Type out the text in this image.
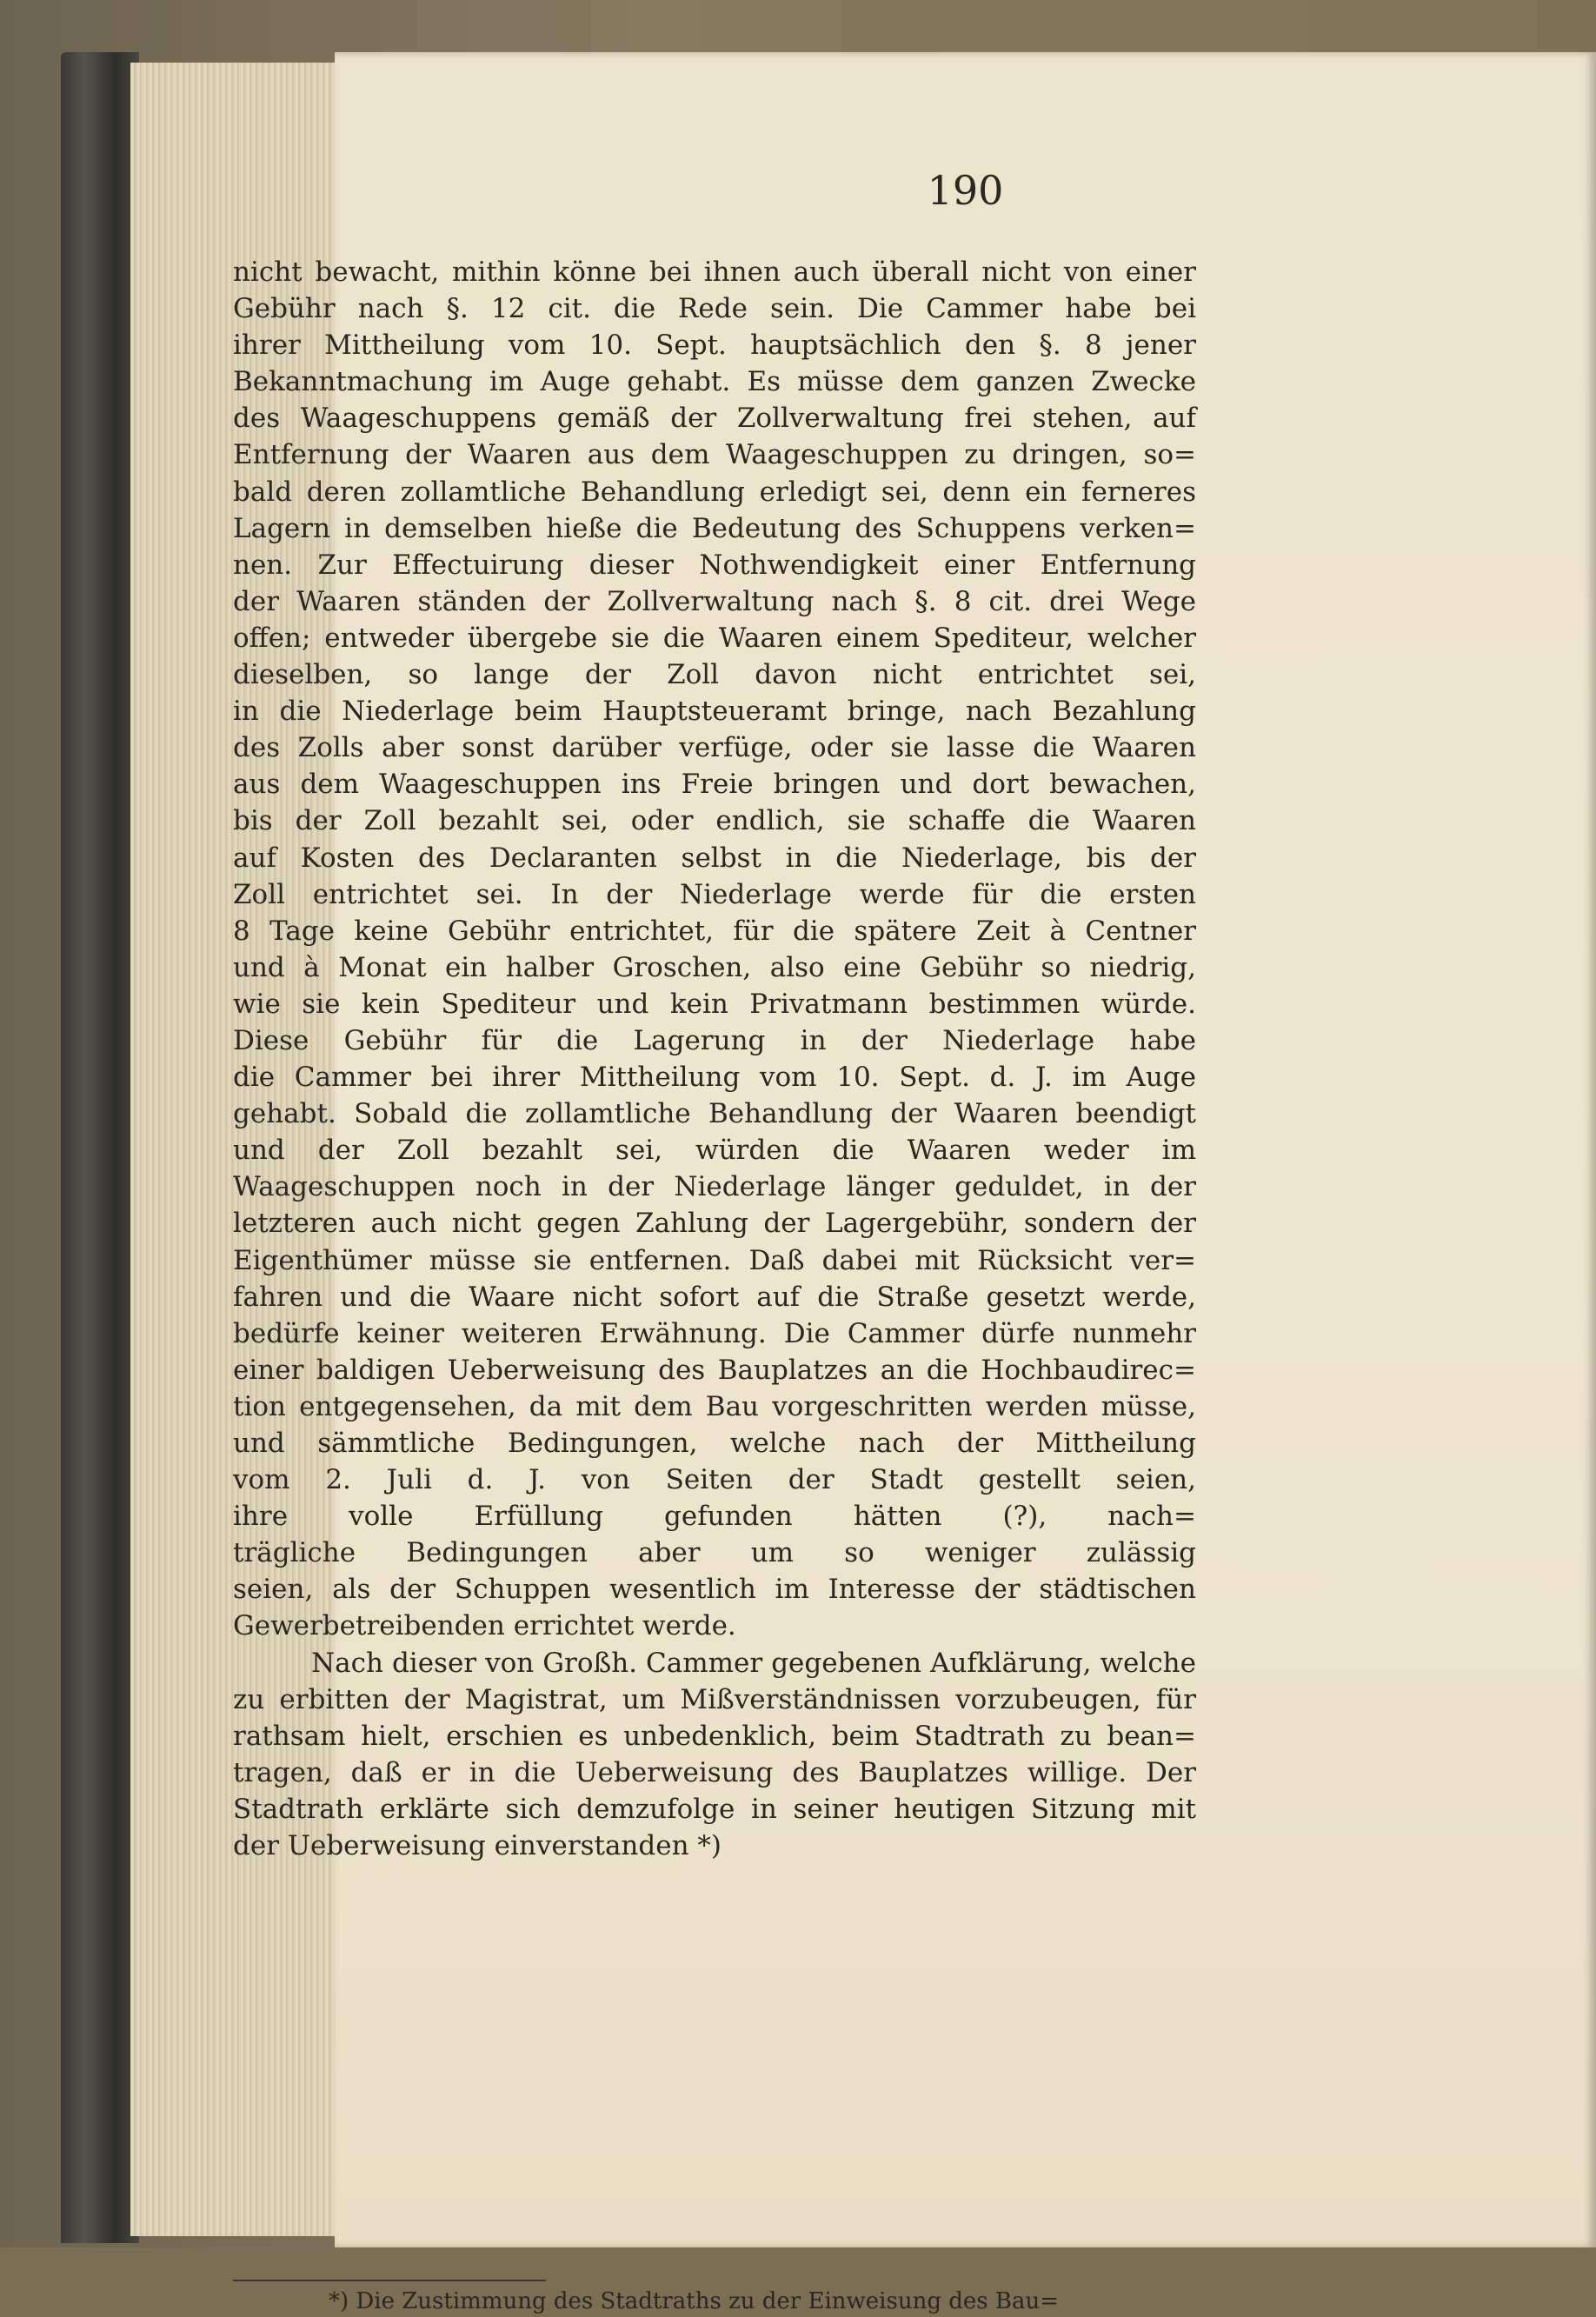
190
nicht bewacht, mithin könne bei ihnen auch überall nicht von einer
Gebühr nach §. 12 cit. die Rede sein. Die Cammer habe bei
ihrer Mittheilung vom 10. Sept. hauptsächlich den §. 8 jener
Bekanntmachung im Auge gehabt. Es müsse dem ganzen Zwecke
des Waageschuppens gemäß der Zollverwaltung frei stehen, auf
Entfernung der Waaren aus dem Waageschuppen zu dringen, so=
bald deren zollamtliche Behandlung erledigt sei, denn ein ferneres
Lagern in demselben hieße die Bedeutung des Schuppens verken=
nen. Zur Effectuirung dieser Nothwendigkeit einer Entfernung
der Waaren ständen der Zollverwaltung nach §. 8 cit. drei Wege
offen; entweder übergebe sie die Waaren einem Spediteur, welcher
dieselben, so lange der Zoll davon nicht entrichtet sei,
in die Niederlage beim Hauptsteueramt bringe, nach Bezahlung
des Zolls aber sonst darüber verfüge, oder sie lasse die Waaren
aus dem Waageschuppen ins Freie bringen und dort bewachen,
bis der Zoll bezahlt sei, oder endlich, sie schaffe die Waaren
auf Kosten des Declaranten selbst in die Niederlage, bis der
Zoll entrichtet sei. In der Niederlage werde für die ersten
8 Tage keine Gebühr entrichtet, für die spätere Zeit à Centner
und à Monat ein halber Groschen, also eine Gebühr so niedrig,
wie sie kein Spediteur und kein Privatmann bestimmen würde.
Diese Gebühr für die Lagerung in der Niederlage habe
die Cammer bei ihrer Mittheilung vom 10. Sept. d. J. im Auge
gehabt. Sobald die zollamtliche Behandlung der Waaren beendigt
und der Zoll bezahlt sei, würden die Waaren weder im
Waageschuppen noch in der Niederlage länger geduldet, in der
letzteren auch nicht gegen Zahlung der Lagergebühr, sondern der
Eigenthümer müsse sie entfernen. Daß dabei mit Rücksicht ver=
fahren und die Waare nicht sofort auf die Straße gesetzt werde,
bedürfe keiner weiteren Erwähnung. Die Cammer dürfe nunmehr
einer baldigen Ueberweisung des Bauplatzes an die Hochbaudirec=
tion entgegensehen, da mit dem Bau vorgeschritten werden müsse,
und sämmtliche Bedingungen, welche nach der Mittheilung
vom 2. Juli d. J. von Seiten der Stadt gestellt seien,
ihre volle Erfüllung gefunden hätten (?), nach=
trägliche Bedingungen aber um so weniger zulässig
seien, als der Schuppen wesentlich im Interesse der städtischen
Gewerbetreibenden errichtet werde.
Nach dieser von Großh. Cammer gegebenen Aufklärung, welche
zu erbitten der Magistrat, um Mißverständnissen vorzubeugen, für
rathsam hielt, erschien es unbedenklich, beim Stadtrath zu bean=
tragen, daß er in die Ueberweisung des Bauplatzes willige. Der
Stadtrath erklärte sich demzufolge in seiner heutigen Sitzung mit
der Ueberweisung einverstanden *)
*) Die Zustimmung des Stadtraths zu der Einweisung des Bau=
